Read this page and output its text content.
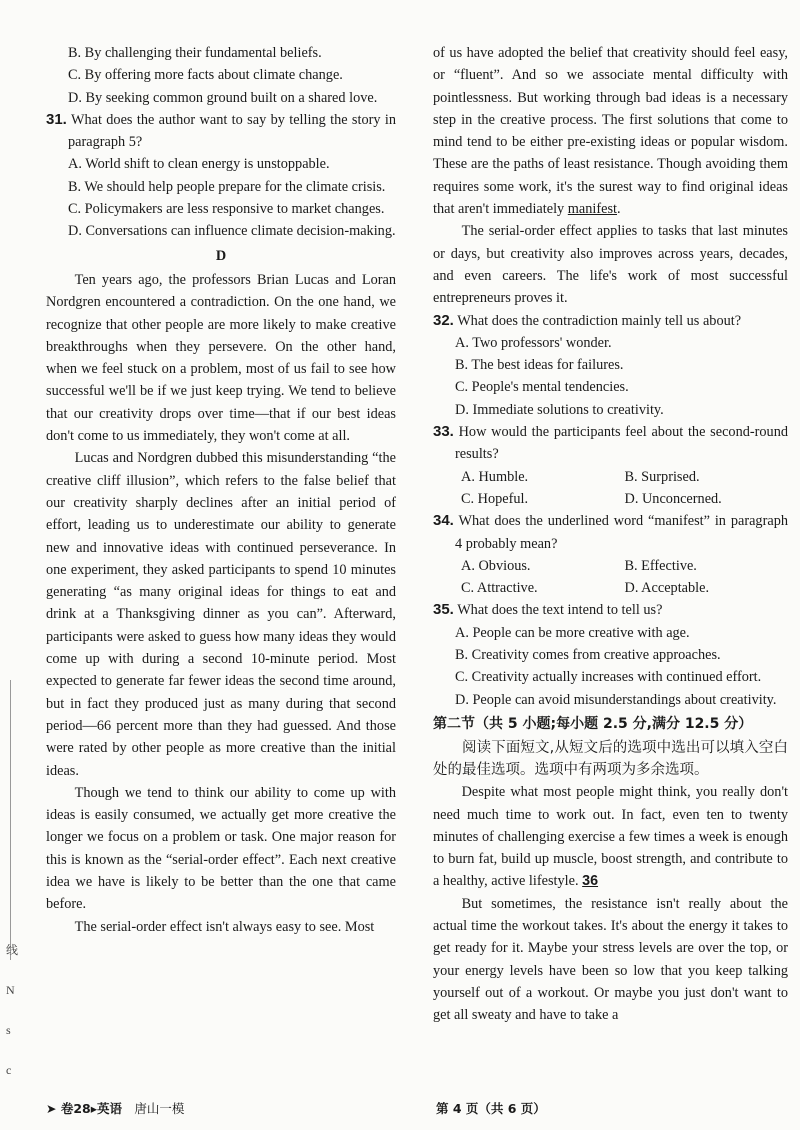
线
N
s
c

B. By challenging their fundamental beliefs.

C. By offering more facts about climate change.

D. By seeking common ground built on a shared love.

31. What does the author want to say by telling the story in paragraph 5?

A. World shift to clean energy is unstoppable.

B. We should help people prepare for the climate crisis.

C. Policymakers are less responsive to market changes.

D. Conversations can influence climate decision-making.

D

Ten years ago, the professors Brian Lucas and Loran Nordgren encountered a contradiction. On the one hand, we recognize that other people are more likely to make creative breakthroughs when they persevere. On the other hand, when we feel stuck on a problem, most of us fail to see how successful we'll be if we just keep trying. We tend to believe that our creativity drops over time—that if our best ideas don't come to us immediately, they won't come at all.

Lucas and Nordgren dubbed this misunderstanding “the creative cliff illusion”, which refers to the false belief that our creativity sharply declines after an initial period of effort, leading us to underestimate our ability to generate new and innovative ideas with continued perseverance. In one experiment, they asked participants to spend 10 minutes generating “as many original ideas for things to eat and drink at a Thanksgiving dinner as you can”. Afterward, participants were asked to guess how many ideas they would come up with during a second 10-minute period. Most expected to generate far fewer ideas the second time around, but in fact they produced just as many during that second period—66 percent more than they had guessed. And those were rated by other people as more creative than the initial ideas.

Though we tend to think our ability to come up with ideas is easily consumed, we actually get more creative the longer we focus on a problem or task. One major reason for this is known as the “serial-order effect”. Each next creative idea we have is likely to be better than the one that came before.

The serial-order effect isn't always easy to see. Most

of us have adopted the belief that creativity should feel easy, or “fluent”. And so we associate mental difficulty with pointlessness. But working through bad ideas is a necessary step in the creative process. The first solutions that come to mind tend to be either pre-existing ideas or popular wisdom. These are the paths of least resistance. Though avoiding them requires some work, it's the surest way to find original ideas that aren't immediately manifest.

The serial-order effect applies to tasks that last minutes or days, but creativity also improves across years, decades, and even careers. The life's work of most successful entrepreneurs proves it.

32. What does the contradiction mainly tell us about?

A. Two professors' wonder.

B. The best ideas for failures.

C. People's mental tendencies.

D. Immediate solutions to creativity.

33. How would the participants feel about the second-round results?

A. Humble.	B. Surprised.
C. Hopeful.	D. Unconcerned.

34. What does the underlined word “manifest” in paragraph 4 probably mean?

A. Obvious.	B. Effective.
C. Attractive.	D. Acceptable.

35. What does the text intend to tell us?

A. People can be more creative with age.

B. Creativity comes from creative approaches.

C. Creativity actually increases with continued effort.

D. People can avoid misunderstandings about creativity.

第二节（共 5 小题;每小题 2.5 分,满分 12.5 分）

阅读下面短文,从短文后的选项中选出可以填入空白处的最佳选项。选项中有两项为多余选项。

Despite what most people might think, you really don't need much time to work out. In fact, even ten to twenty minutes of challenging exercise a few times a week is enough to burn fat, build up muscle, boost strength, and contribute to a healthy, active lifestyle. 36

But sometimes, the resistance isn't really about the actual time the workout takes. It's about the energy it takes to get ready for it. Maybe your stress levels are over the top, or your energy levels have been so low that you keep talking yourself out of a workout. Or maybe you just don't want to get all sweaty and have to take a

➤ 卷28▸英语 唐山一模	第 4 页（共 6 页）
